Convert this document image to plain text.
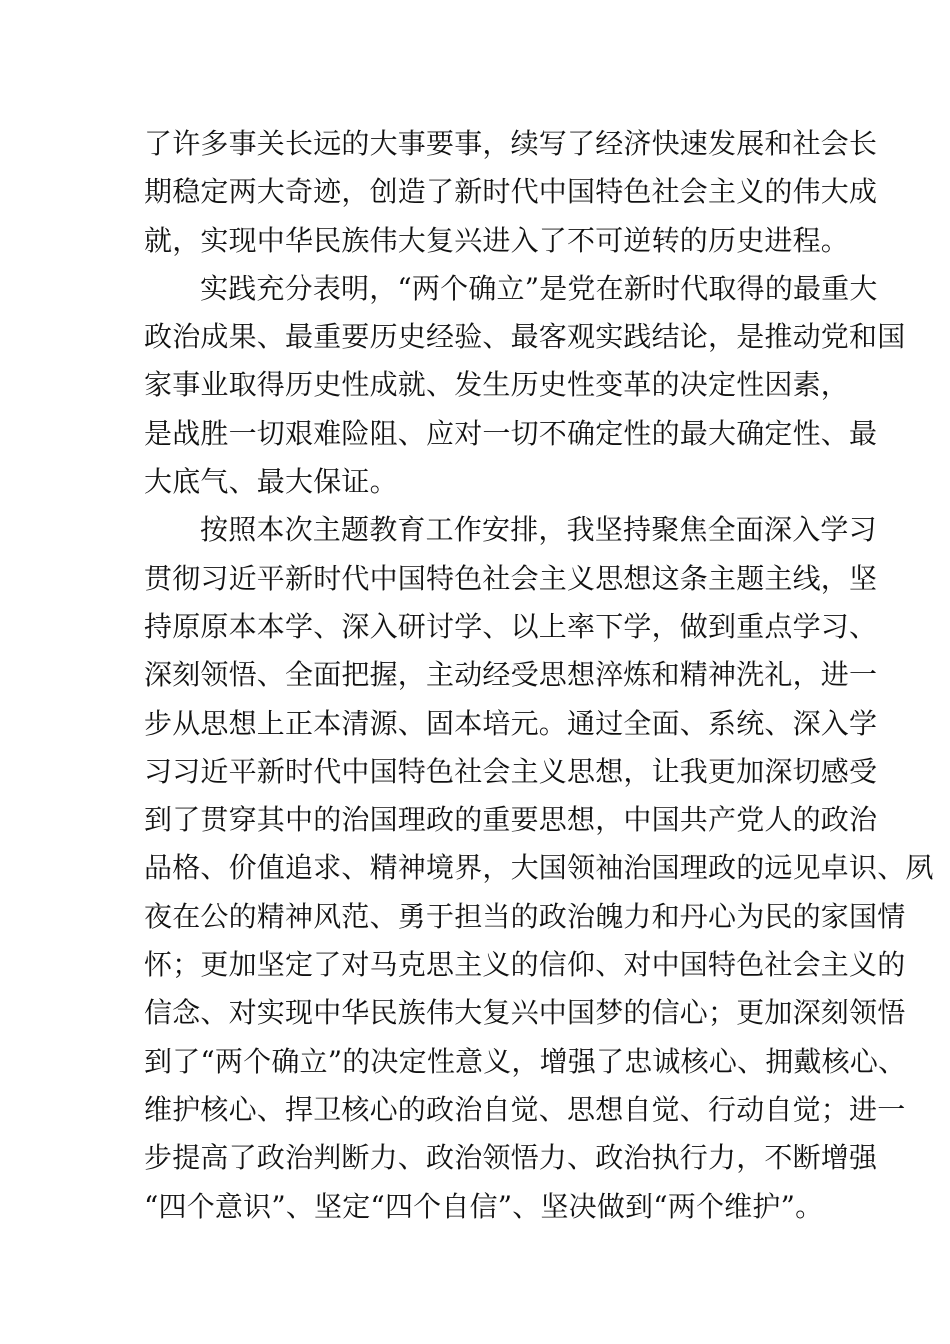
了许多事关长远的大事要事，续写了经济快速发展和社会长
期稳定两大奇迹，创造了新时代中国特色社会主义的伟大成
就，实现中华民族伟大复兴进入了不可逆转的历史进程。
实践充分表明，“两个确立”是党在新时代取得的最重大
政治成果、最重要历史经验、最客观实践结论，是推动党和国
家事业取得历史性成就、发生历史性变革的决定性因素，
是战胜一切艰难险阻、应对一切不确定性的最大确定性、最
大底气、最大保证。
按照本次主题教育工作安排，我坚持聚焦全面深入学习
贯彻习近平新时代中国特色社会主义思想这条主题主线，坚
持原原本本学、深入研讨学、以上率下学，做到重点学习、
深刻领悟、全面把握，主动经受思想淬炼和精神洗礼，进一
步从思想上正本清源、固本培元。通过全面、系统、深入学
习习近平新时代中国特色社会主义思想，让我更加深切感受
到了贯穿其中的治国理政的重要思想，中国共产党人的政治
品格、价值追求、精神境界，大国领袖治国理政的远见卓识、夙
夜在公的精神风范、勇于担当的政治魄力和丹心为民的家国情
怀；更加坚定了对马克思主义的信仰、对中国特色社会主义的
信念、对实现中华民族伟大复兴中国梦的信心；更加深刻领悟
到了“两个确立”的决定性意义，增强了忠诚核心、拥戴核心、
维护核心、捍卫核心的政治自觉、思想自觉、行动自觉；进一
步提高了政治判断力、政治领悟力、政治执行力，不断增强
“四个意识”、坚定“四个自信”、坚决做到“两个维护”。
